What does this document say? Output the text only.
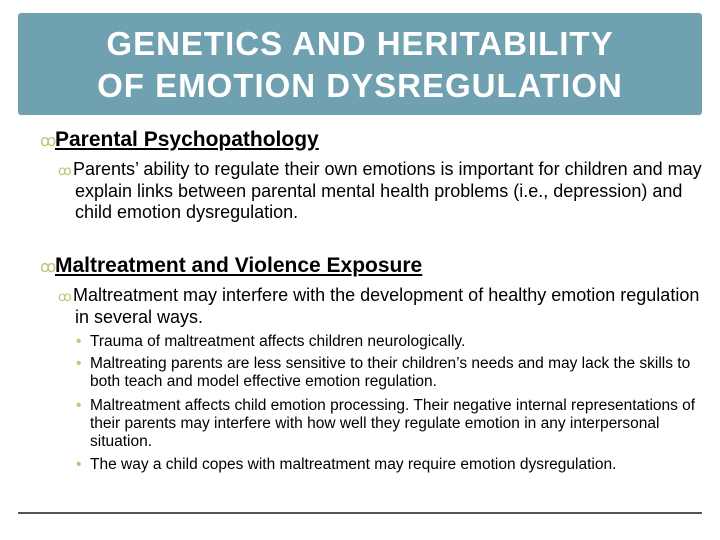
GENETICS AND HERITABILITY
OF EMOTION DYSREGULATION
ꝏParental Psychopathology
ꝏParents’ ability to regulate their own emotions is important for children and may explain links between parental mental health problems (i.e., depression) and child emotion dysregulation.
ꝏMaltreatment and Violence Exposure
ꝏMaltreatment may interfere with the development of healthy emotion regulation in several ways.
• Trauma of maltreatment affects children neurologically.
• Maltreating parents are less sensitive to their children’s needs and may lack the skills to both teach and model effective emotion regulation.
• Maltreatment affects child emotion processing. Their negative internal representations of their parents may interfere with how well they regulate emotion in any interpersonal situation.
• The way a child copes with maltreatment may require emotion dysregulation.
